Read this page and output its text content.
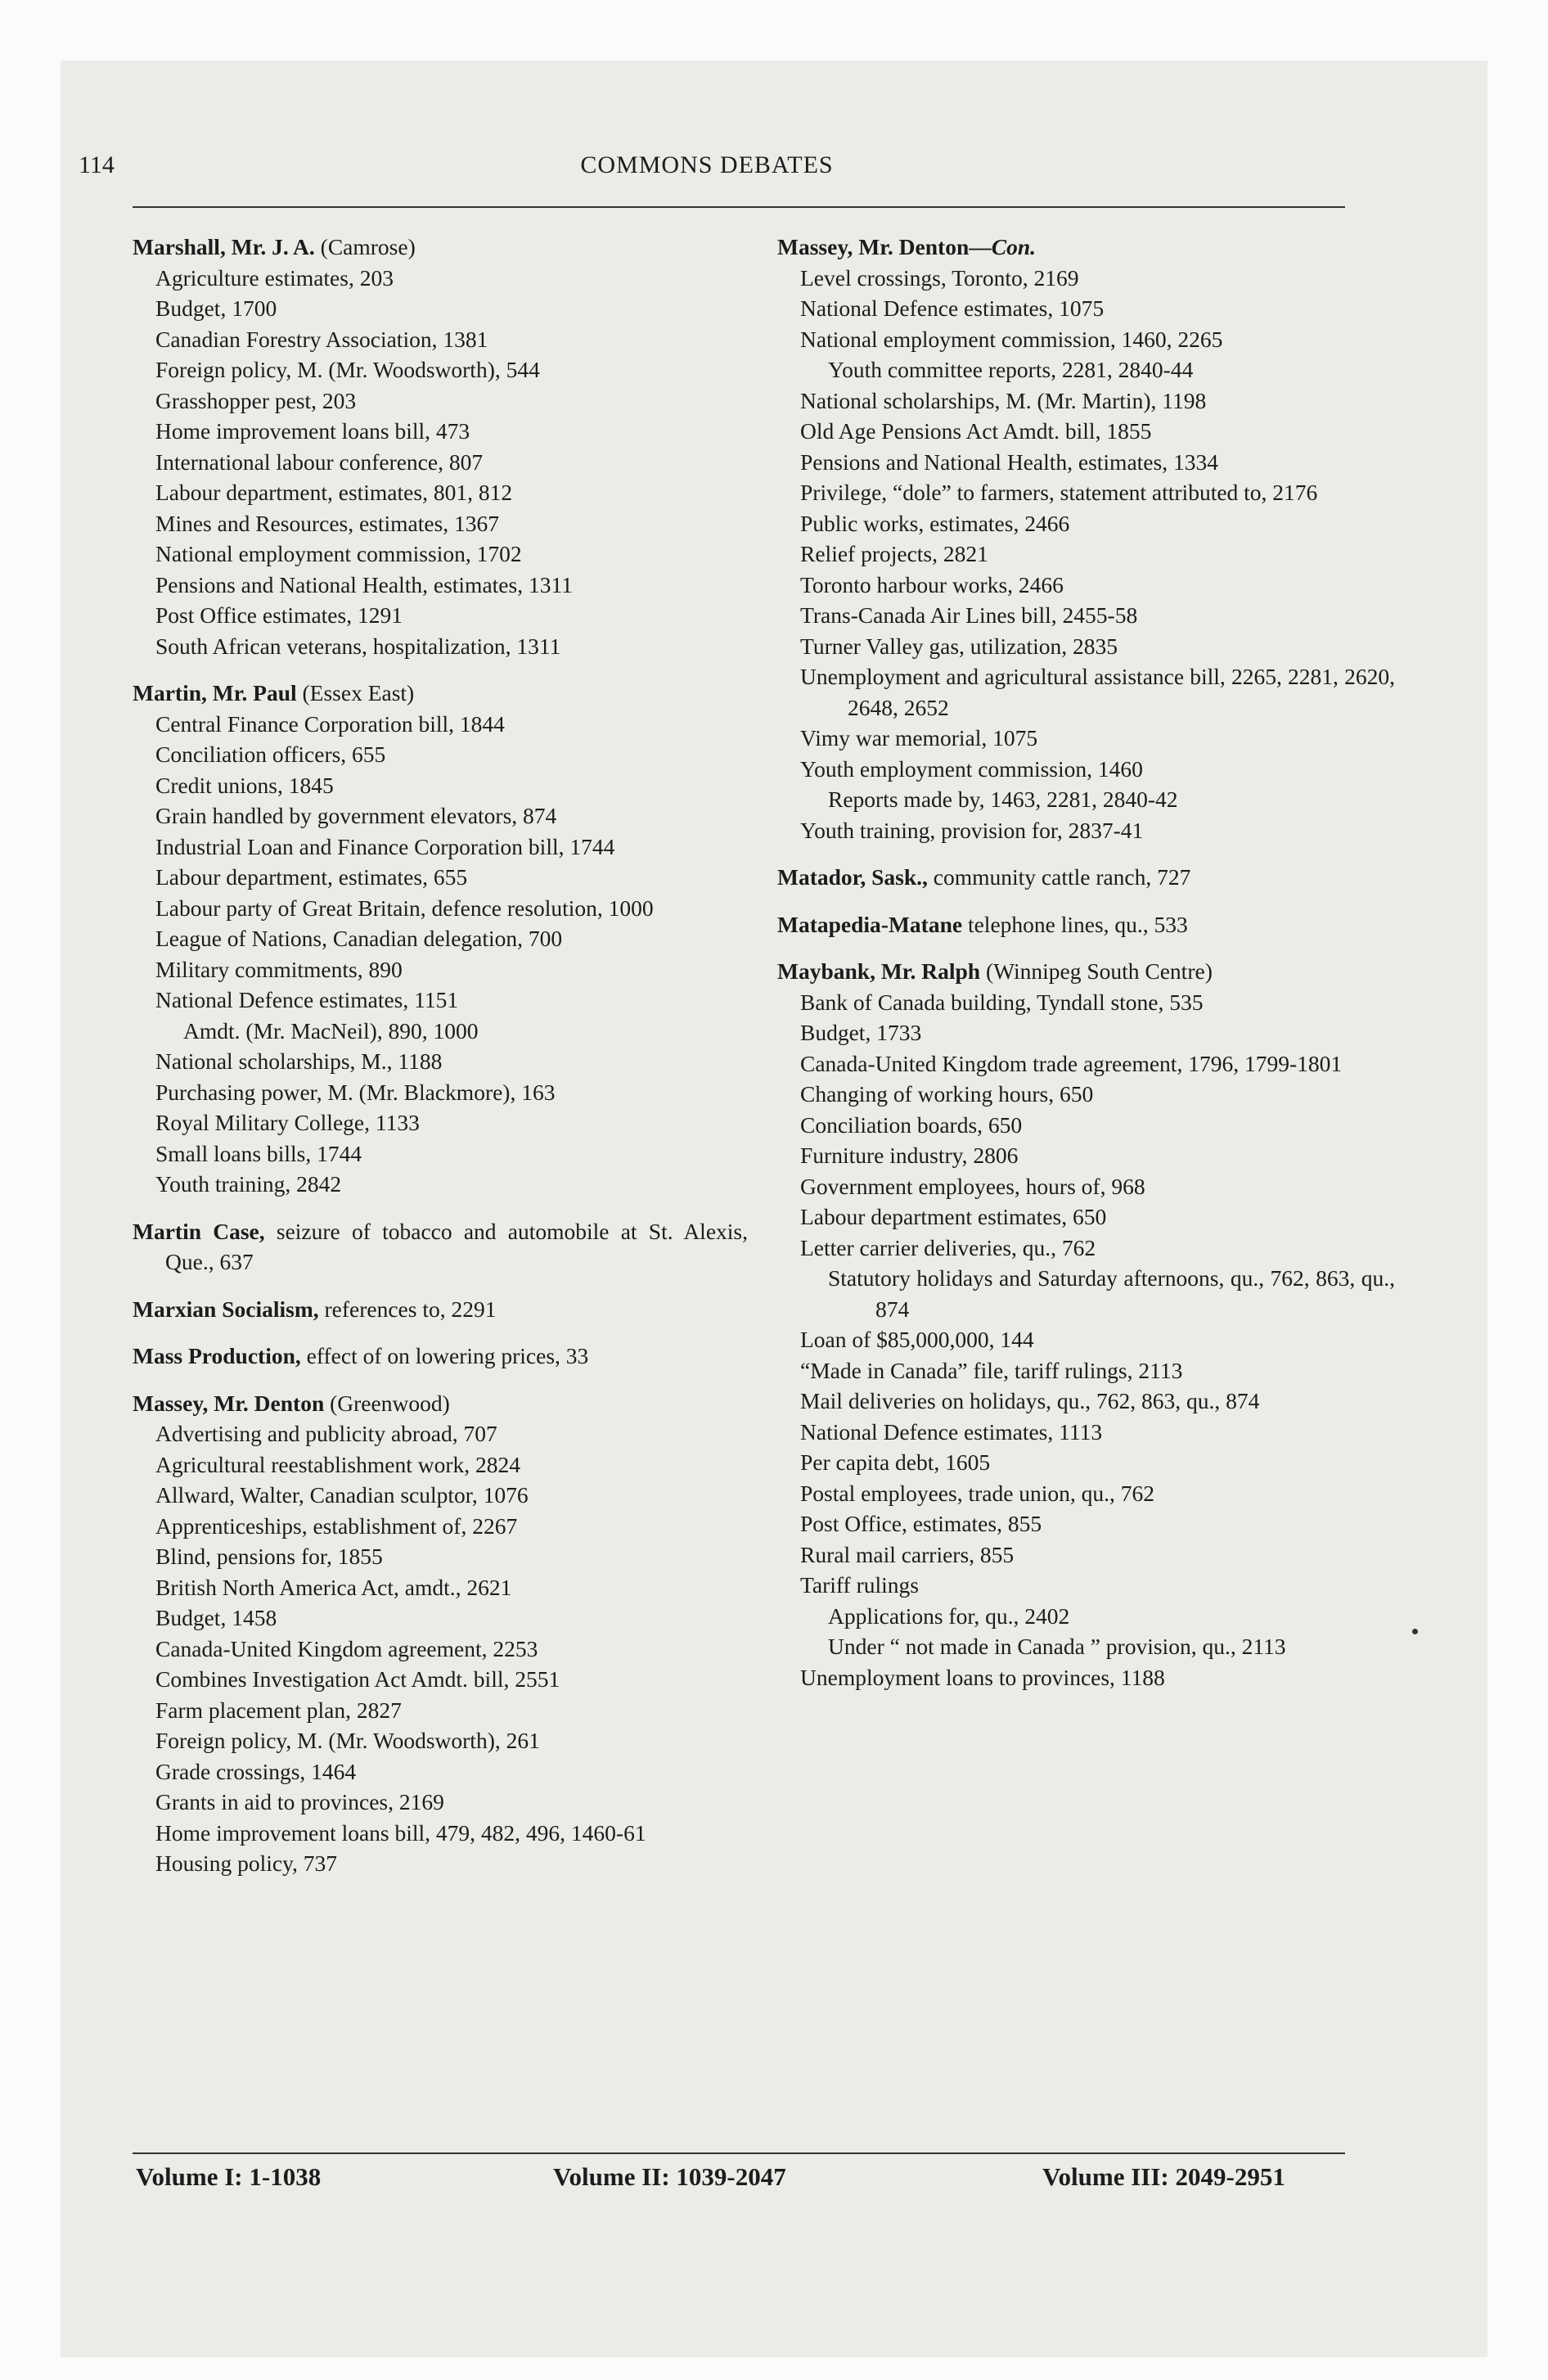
114	COMMONS DEBATES
Marshall, Mr. J. A. (Camrose)
Agriculture estimates, 203
Budget, 1700
Canadian Forestry Association, 1381
Foreign policy, M. (Mr. Woodsworth), 544
Grasshopper pest, 203
Home improvement loans bill, 473
International labour conference, 807
Labour department, estimates, 801, 812
Mines and Resources, estimates, 1367
National employment commission, 1702
Pensions and National Health, estimates, 1311
Post Office estimates, 1291
South African veterans, hospitalization, 1311
Martin, Mr. Paul (Essex East)
Central Finance Corporation bill, 1844
Conciliation officers, 655
Credit unions, 1845
Grain handled by government elevators, 874
Industrial Loan and Finance Corporation bill, 1744
Labour department, estimates, 655
Labour party of Great Britain, defence resolution, 1000
League of Nations, Canadian delegation, 700
Military commitments, 890
National Defence estimates, 1151
Amdt. (Mr. MacNeil), 890, 1000
National scholarships, M., 1188
Purchasing power, M. (Mr. Blackmore), 163
Royal Military College, 1133
Small loans bills, 1744
Youth training, 2842
Martin Case, seizure of tobacco and automobile at St. Alexis, Que., 637
Marxian Socialism, references to, 2291
Mass Production, effect of on lowering prices, 33
Massey, Mr. Denton (Greenwood)
Advertising and publicity abroad, 707
Agricultural reestablishment work, 2824
Allward, Walter, Canadian sculptor, 1076
Apprenticeships, establishment of, 2267
Blind, pensions for, 1855
British North America Act, amdt., 2621
Budget, 1458
Canada-United Kingdom agreement, 2253
Combines Investigation Act Amdt. bill, 2551
Farm placement plan, 2827
Foreign policy, M. (Mr. Woodsworth), 261
Grade crossings, 1464
Grants in aid to provinces, 2169
Home improvement loans bill, 479, 482, 496, 1460-61
Housing policy, 737
Massey, Mr. Denton—Con.
Level crossings, Toronto, 2169
National Defence estimates, 1075
National employment commission, 1460, 2265
Youth committee reports, 2281, 2840-44
National scholarships, M. (Mr. Martin), 1198
Old Age Pensions Act Amdt. bill, 1855
Pensions and National Health, estimates, 1334
Privilege, “dole” to farmers, statement attributed to, 2176
Public works, estimates, 2466
Relief projects, 2821
Toronto harbour works, 2466
Trans-Canada Air Lines bill, 2455-58
Turner Valley gas, utilization, 2835
Unemployment and agricultural assistance bill, 2265, 2281, 2620, 2648, 2652
Vimy war memorial, 1075
Youth employment commission, 1460
Reports made by, 1463, 2281, 2840-42
Youth training, provision for, 2837-41
Matador, Sask., community cattle ranch, 727
Matapedia-Matane telephone lines, qu., 533
Maybank, Mr. Ralph (Winnipeg South Centre)
Bank of Canada building, Tyndall stone, 535
Budget, 1733
Canada-United Kingdom trade agreement, 1796, 1799-1801
Changing of working hours, 650
Conciliation boards, 650
Furniture industry, 2806
Government employees, hours of, 968
Labour department estimates, 650
Letter carrier deliveries, qu., 762
Statutory holidays and Saturday afternoons, qu., 762, 863, qu., 874
Loan of $85,000,000, 144
“Made in Canada” file, tariff rulings, 2113
Mail deliveries on holidays, qu., 762, 863, qu., 874
National Defence estimates, 1113
Per capita debt, 1605
Postal employees, trade union, qu., 762
Post Office, estimates, 855
Rural mail carriers, 855
Tariff rulings
Applications for, qu., 2402
Under “ not made in Canada ” provision, qu., 2113
Unemployment loans to provinces, 1188
Volume I: 1-1038	Volume II: 1039-2047	Volume III: 2049-2951
